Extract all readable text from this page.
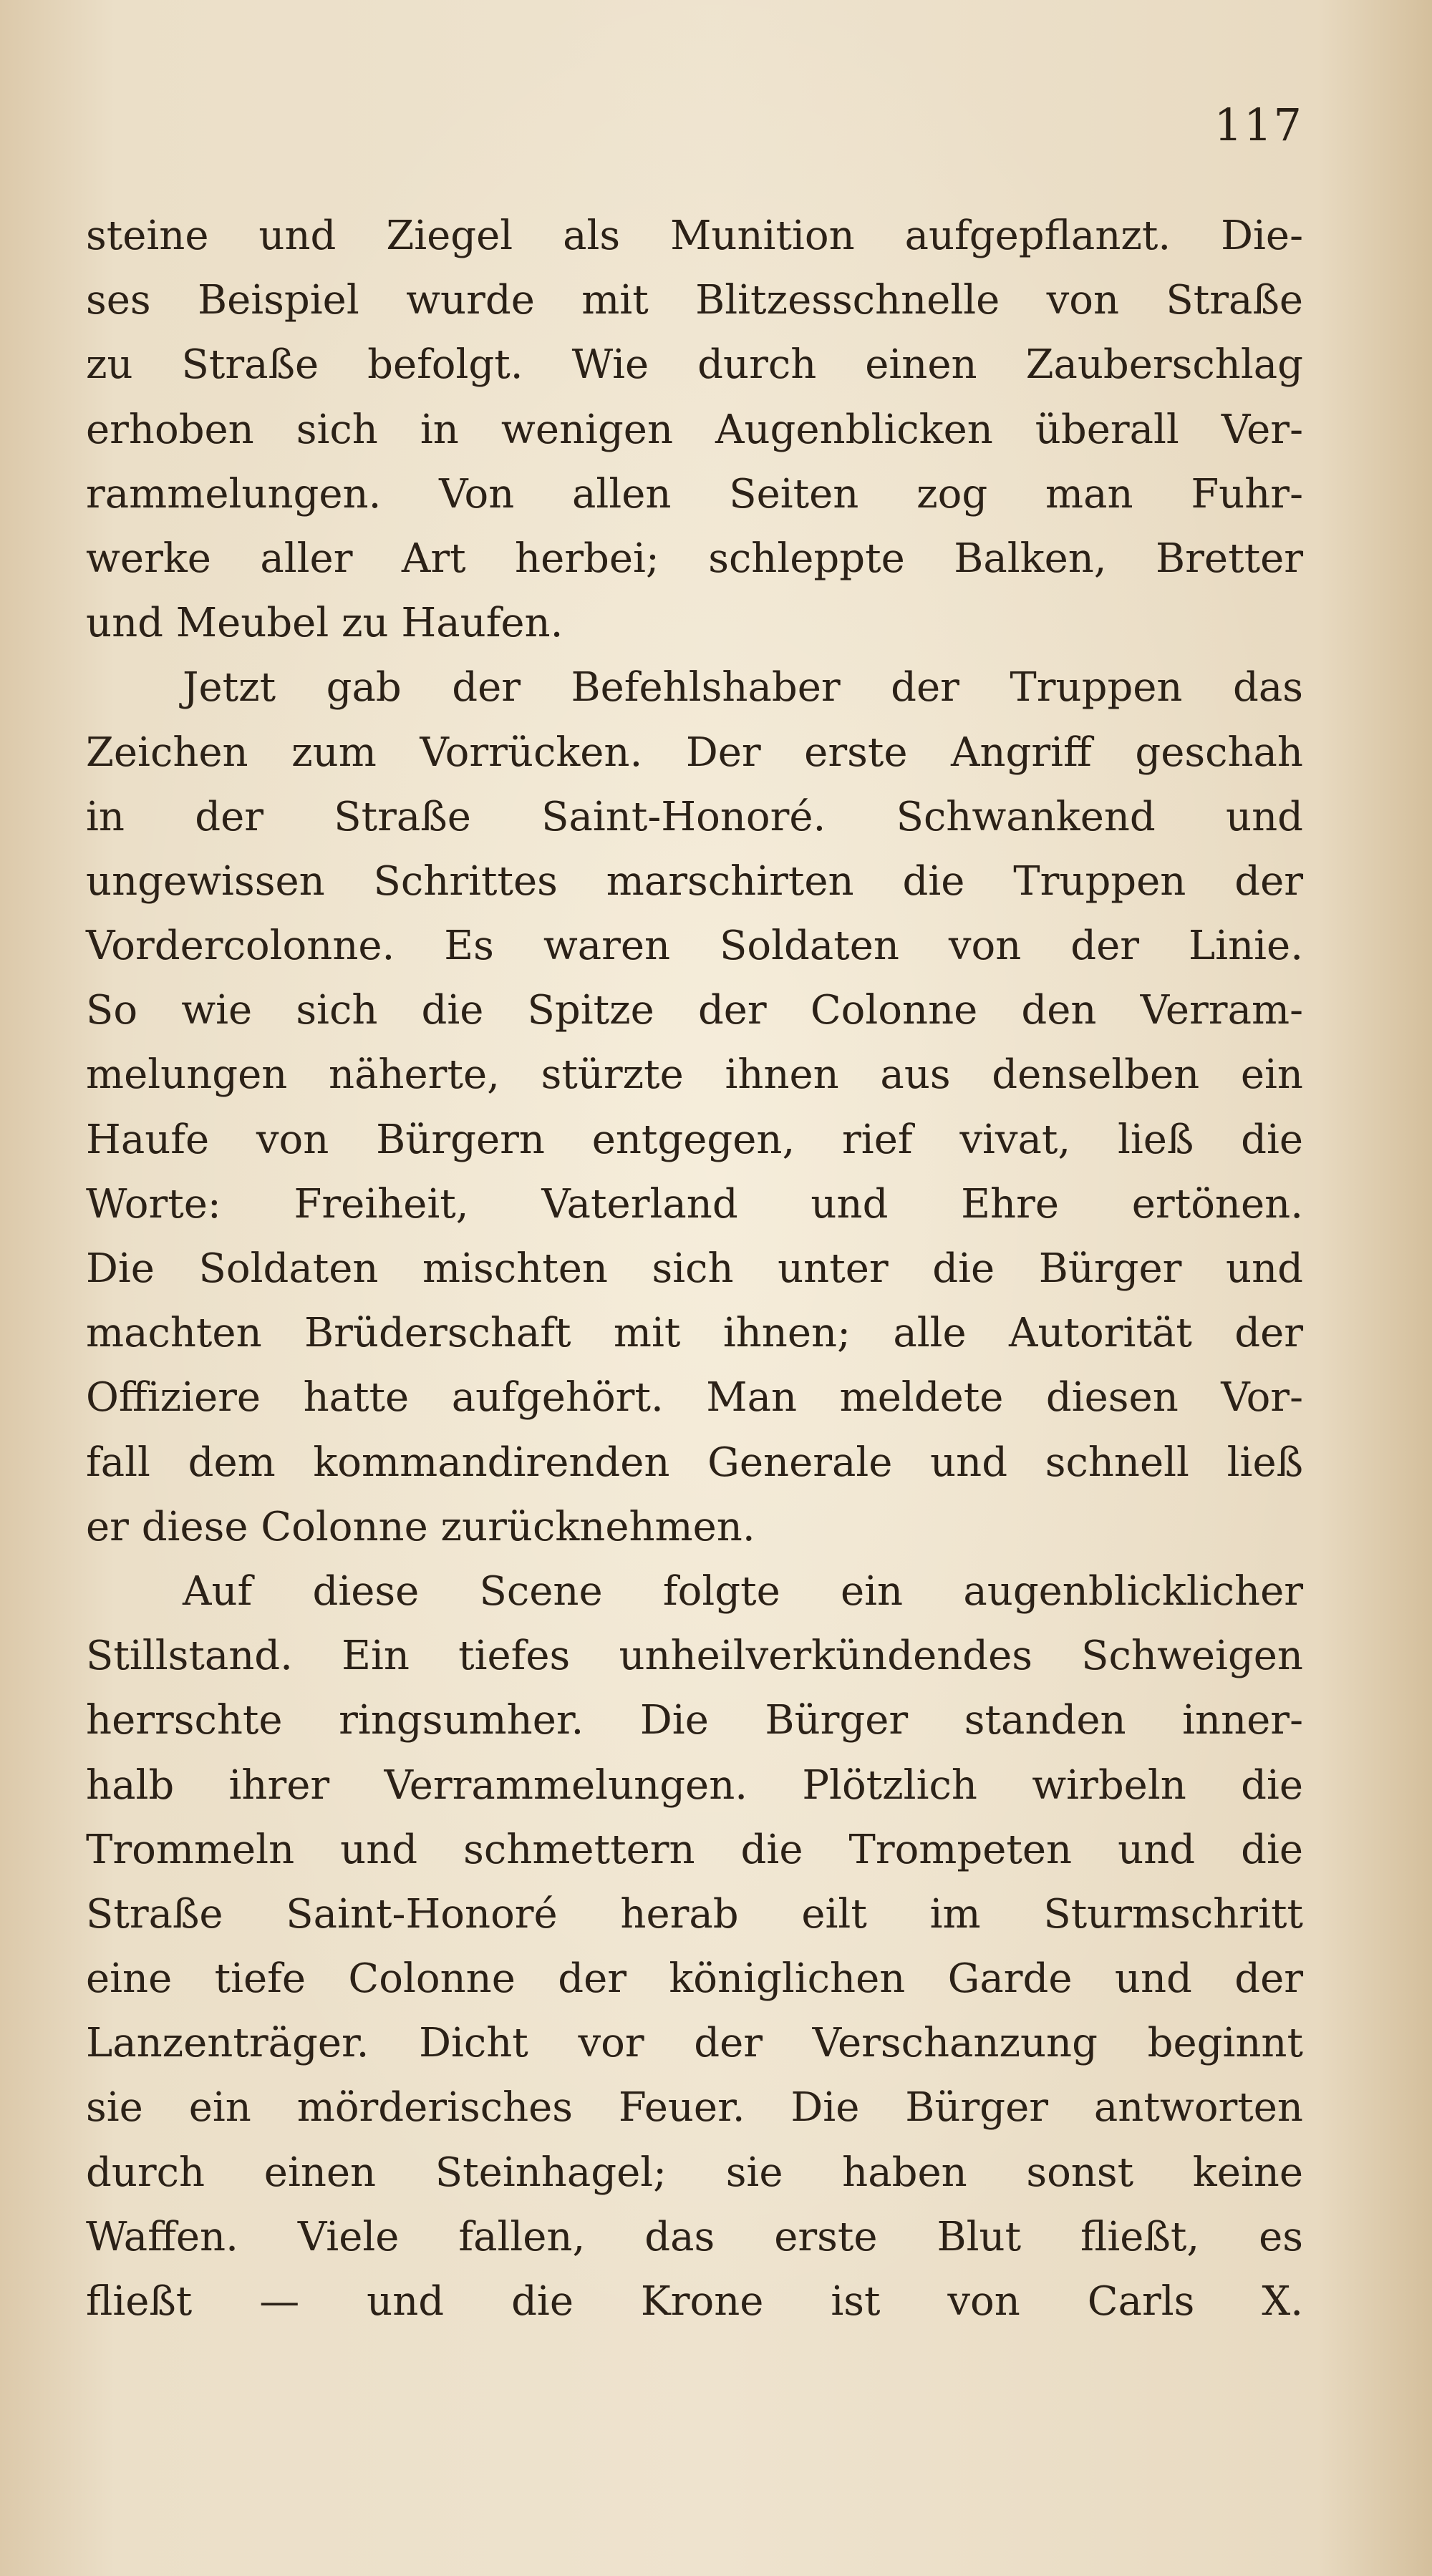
117
steine und Ziegel als Munition aufgepflanzt. Die-
ses Beispiel wurde mit Blitzesschnelle von Straße
zu Straße befolgt. Wie durch einen Zauberschlag
erhoben sich in wenigen Augenblicken überall Ver-
rammelungen. Von allen Seiten zog man Fuhr-
werke aller Art herbei; schleppte Balken, Bretter
und Meubel zu Haufen.
Jetzt gab der Befehlshaber der Truppen das
Zeichen zum Vorrücken. Der erste Angriff geschah
in der Straße Saint-Honoré. Schwankend und
ungewissen Schrittes marschirten die Truppen der
Vordercolonne. Es waren Soldaten von der Linie.
So wie sich die Spitze der Colonne den Verram-
melungen näherte, stürzte ihnen aus denselben ein
Haufe von Bürgern entgegen, rief vivat, ließ die
Worte: Freiheit, Vaterland und Ehre ertönen.
Die Soldaten mischten sich unter die Bürger und
machten Brüderschaft mit ihnen; alle Autorität der
Offiziere hatte aufgehört. Man meldete diesen Vor-
fall dem kommandirenden Generale und schnell ließ
er diese Colonne zurücknehmen.
Auf diese Scene folgte ein augenblicklicher
Stillstand. Ein tiefes unheilverkündendes Schweigen
herrschte ringsumher. Die Bürger standen inner-
halb ihrer Verrammelungen. Plötzlich wirbeln die
Trommeln und schmettern die Trompeten und die
Straße Saint-Honoré herab eilt im Sturmschritt
eine tiefe Colonne der königlichen Garde und der
Lanzenträger. Dicht vor der Verschanzung beginnt
sie ein mörderisches Feuer. Die Bürger antworten
durch einen Steinhagel; sie haben sonst keine
Waffen. Viele fallen, das erste Blut fließt, es
fließt — und die Krone ist von Carls X.
